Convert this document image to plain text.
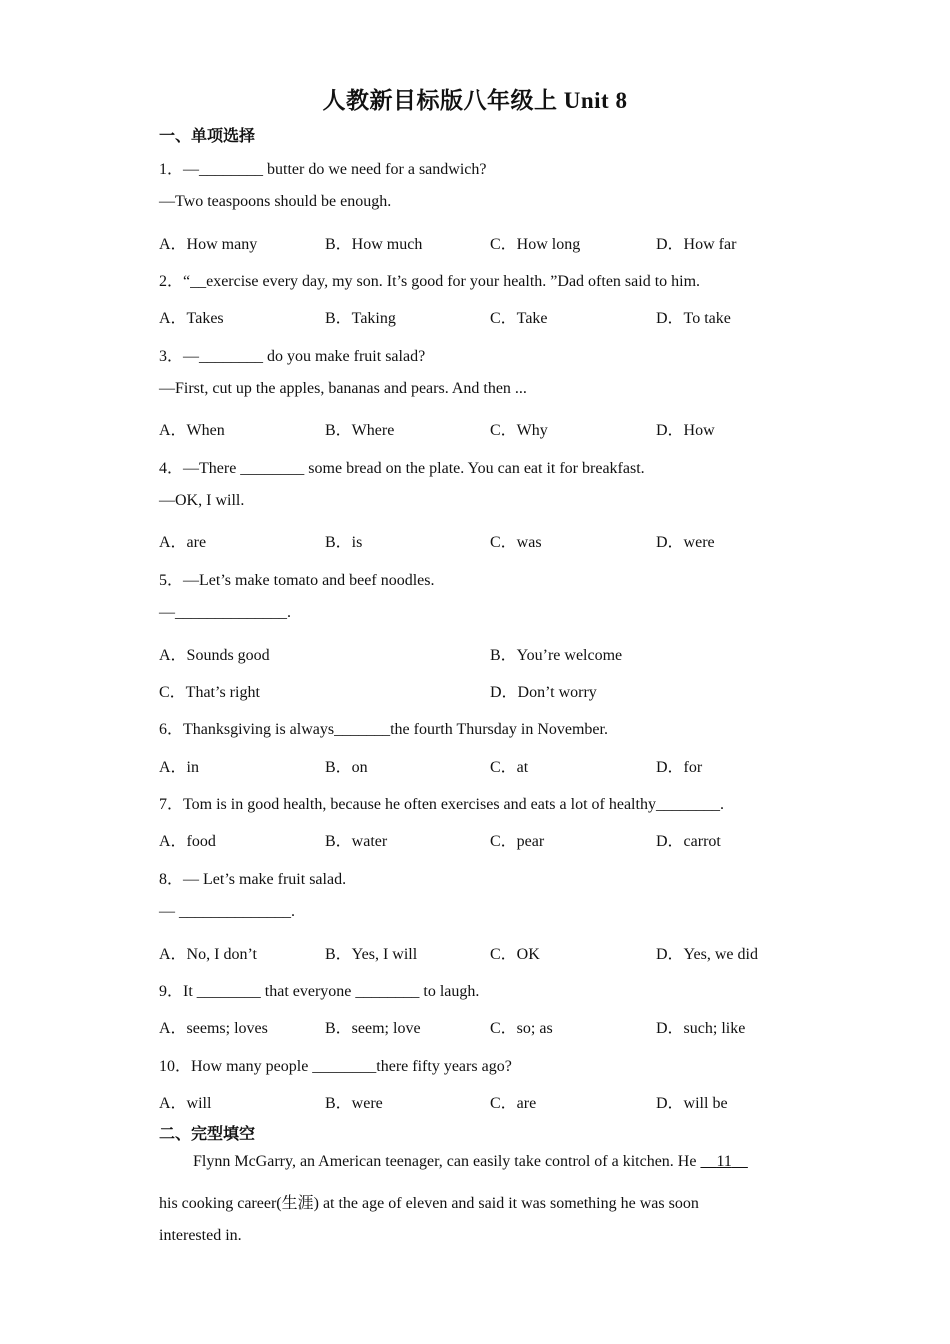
人教新目标版八年级上 Unit 8
一、单项选择
1．—________ butter do we need for a sandwich?
—Two teaspoons should be enough.
A．How many	B．How much	C．How long	D．How far
2．“__exercise every day, my son. It’s good for your health. ”Dad often said to him.
A．Takes	B．Taking	C．Take	D．To take
3．—________ do you make fruit salad?
—First, cut up the apples, bananas and pears. And then ...
A．When	B．Where	C．Why	D．How
4．—There ________ some bread on the plate. You can eat it for breakfast.
—OK, I will.
A．are	B．is	C．was	D．were
5．—Let’s make tomato and beef noodles.
—______________.
A．Sounds good	B．You’re welcome
C．That’s right	D．Don’t worry
6．Thanksgiving is always_______the fourth Thursday in November.
A．in	B．on	C．at	D．for
7．Tom is in good health, because he often exercises and eats a lot of healthy________.
A．food	B．water	C．pear	D．carrot
8．— Let’s make fruit salad.
— ______________.
A．No, I don’t	B．Yes, I will	C．OK	D．Yes, we did
9．It ________ that everyone ________ to laugh.
A．seems; loves	B．seem; love	C．so; as	D．such; like
10．How many people ________there fifty years ago?
A．will	B．were	C．are	D．will be
二、完型填空
Flynn McGarry, an American teenager, can easily take control of a kitchen. He 11
his cooking career(生涯) at the age of eleven and said it was something he was soon
interested in.
